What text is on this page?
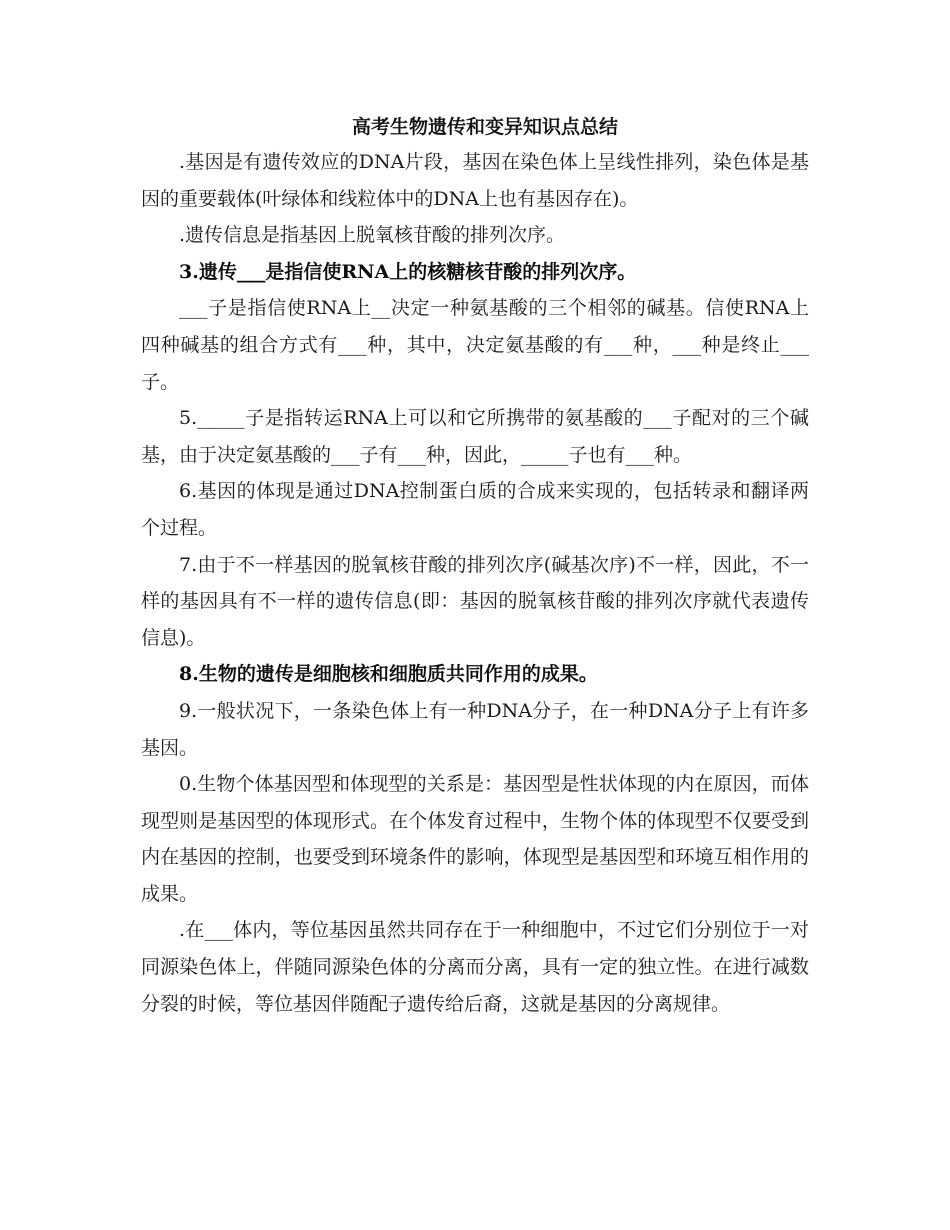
高考生物遗传和变异知识点总结

.基因是有遗传效应的DNA片段，基因在染色体上呈线性排列，染色体是基因的重要载体(叶绿体和线粒体中的DNA上也有基因存在)。

.遗传信息是指基因上脱氧核苷酸的排列次序。

3.遗传___是指信使RNA上的核糖核苷酸的排列次序。

___子是指信使RNA上__决定一种氨基酸的三个相邻的碱基。信使RNA上四种碱基的组合方式有___种，其中，决定氨基酸的有___种，___种是终止___子。

5._____子是指转运RNA上可以和它所携带的氨基酸的___子配对的三个碱基，由于决定氨基酸的___子有___种，因此，_____子也有___种。

6.基因的体现是通过DNA控制蛋白质的合成来实现的，包括转录和翻译两个过程。

7.由于不一样基因的脱氧核苷酸的排列次序(碱基次序)不一样，因此，不一样的基因具有不一样的遗传信息(即：基因的脱氧核苷酸的排列次序就代表遗传信息)。

8.生物的遗传是细胞核和细胞质共同作用的成果。

9.一般状况下，一条染色体上有一种DNA分子，在一种DNA分子上有许多基因。

0.生物个体基因型和体现型的关系是：基因型是性状体现的内在原因，而体现型则是基因型的体现形式。在个体发育过程中，生物个体的体现型不仅要受到内在基因的控制，也要受到环境条件的影响，体现型是基因型和环境互相作用的成果。

.在___体内，等位基因虽然共同存在于一种细胞中，不过它们分别位于一对同源染色体上，伴随同源染色体的分离而分离，具有一定的独立性。在进行减数分裂的时候，等位基因伴随配子遗传给后裔，这就是基因的分离规律。
